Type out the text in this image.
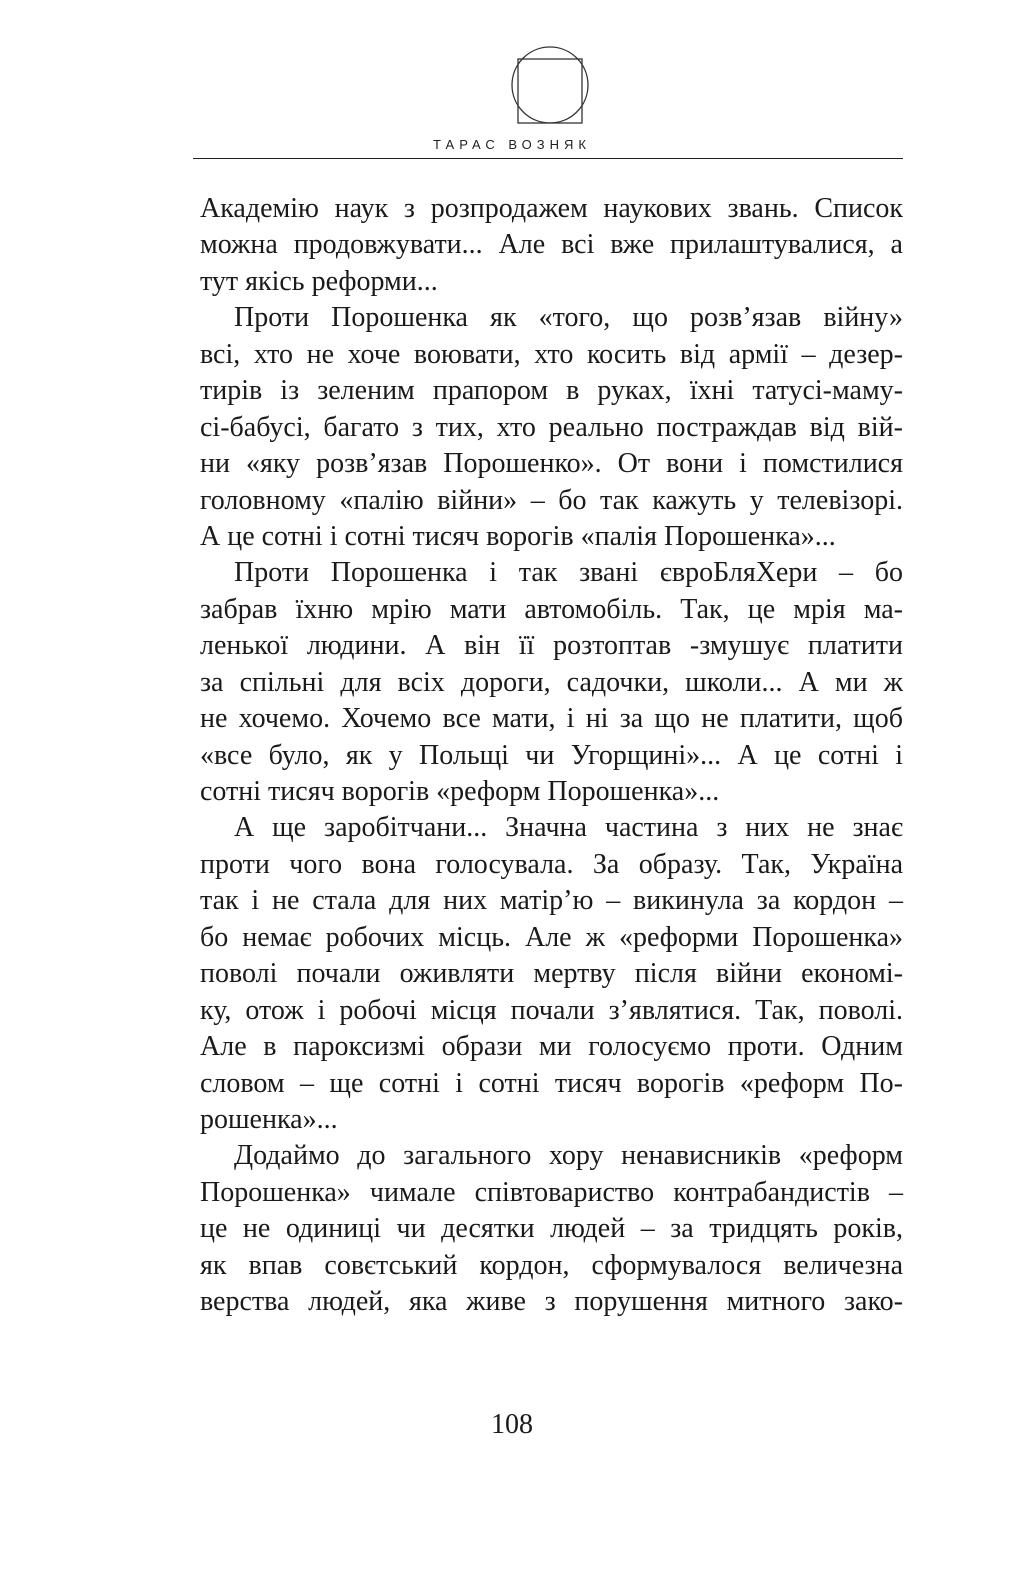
ТАРАС ВОЗНЯК
Академію наук з розпродажем наукових звань. Список
можна продовжувати... Але всі вже прилаштувалися, а
тут якісь реформи...
Проти Порошенка як «того, що розв’язав війну»
всі, хто не хоче воювати, хто косить від армії – дезер-
тирів із зеленим прапором в руках, їхні татусі-маму-
сі-бабусі, багато з тих, хто реально постраждав від вій-
ни «яку розв’язав Порошенко». От вони і помстилися
головному «палію війни» – бо так кажуть у телевізорі.
А це сотні і сотні тисяч ворогів «палія Порошенка»...
Проти Порошенка і так звані євроБляХери – бо
забрав їхню мрію мати автомобіль. Так, це мрія ма-
ленької людини. А він її розтоптав -змушує платити
за спільні для всіх дороги, садочки, школи... А ми ж
не хочемо. Хочемо все мати, і ні за що не платити, щоб
«все було, як у Польщі чи Угорщині»... А це сотні і
сотні тисяч ворогів «реформ Порошенка»...
А ще заробітчани... Значна частина з них не знає
проти чого вона голосувала. За образу. Так, Україна
так і не стала для них матір’ю – викинула за кордон –
бо немає робочих місць. Але ж «реформи Порошенка»
поволі почали оживляти мертву після війни економі-
ку, отож і робочі місця почали з’являтися. Так, поволі.
Але в пароксизмі образи ми голосуємо проти. Одним
словом – ще сотні і сотні тисяч ворогів «реформ По-
рошенка»...
Додаймо до загального хору ненависників «реформ
Порошенка» чимале співтовариство контрабандистів –
це не одиниці чи десятки людей – за тридцять років,
як впав совєтський кордон, сформувалося величезна
верства людей, яка живе з порушення митного зако-
108
